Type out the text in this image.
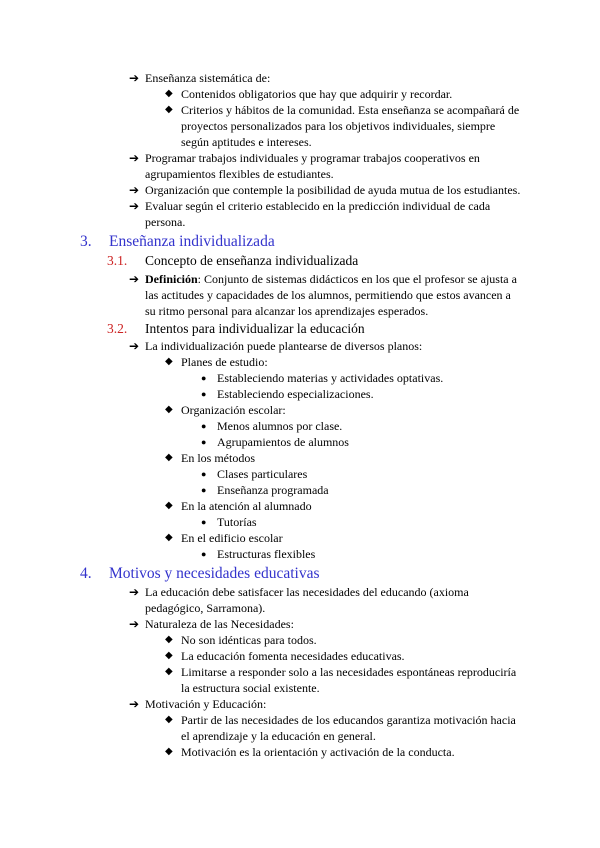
➔ Enseñanza sistemática de:
◆ Contenidos obligatorios que hay que adquirir y recordar.
◆ Criterios y hábitos de la comunidad. Esta enseñanza se acompañará de
proyectos personalizados para los objetivos individuales, siempre
según aptitudes e intereses.
➔ Programar trabajos individuales y programar trabajos cooperativos en
agrupamientos flexibles de estudiantes.
➔ Organización que contemple la posibilidad de ayuda mutua de los estudiantes.
➔ Evaluar según el criterio establecido en la predicción individual de cada
persona.
3. Enseñanza individualizada
3.1. Concepto de enseñanza individualizada
➔ Definición: Conjunto de sistemas didácticos en los que el profesor se ajusta a
las actitudes y capacidades de los alumnos, permitiendo que estos avancen a
su ritmo personal para alcanzar los aprendizajes esperados.
3.2. Intentos para individualizar la educación
➔ La individualización puede plantearse de diversos planos:
◆ Planes de estudio:
● Estableciendo materias y actividades optativas.
● Estableciendo especializaciones.
◆ Organización escolar:
● Menos alumnos por clase.
● Agrupamientos de alumnos
◆ En los métodos
● Clases particulares
● Enseñanza programada
◆ En la atención al alumnado
● Tutorías
◆ En el edificio escolar
● Estructuras flexibles
4. Motivos y necesidades educativas
➔ La educación debe satisfacer las necesidades del educando (axioma
pedagógico, Sarramona).
➔ Naturaleza de las Necesidades:
◆ No son idénticas para todos.
◆ La educación fomenta necesidades educativas.
◆ Limitarse a responder solo a las necesidades espontáneas reproduciría
la estructura social existente.
➔ Motivación y Educación:
◆ Partir de las necesidades de los educandos garantiza motivación hacia
el aprendizaje y la educación en general.
◆ Motivación es la orientación y activación de la conducta.
